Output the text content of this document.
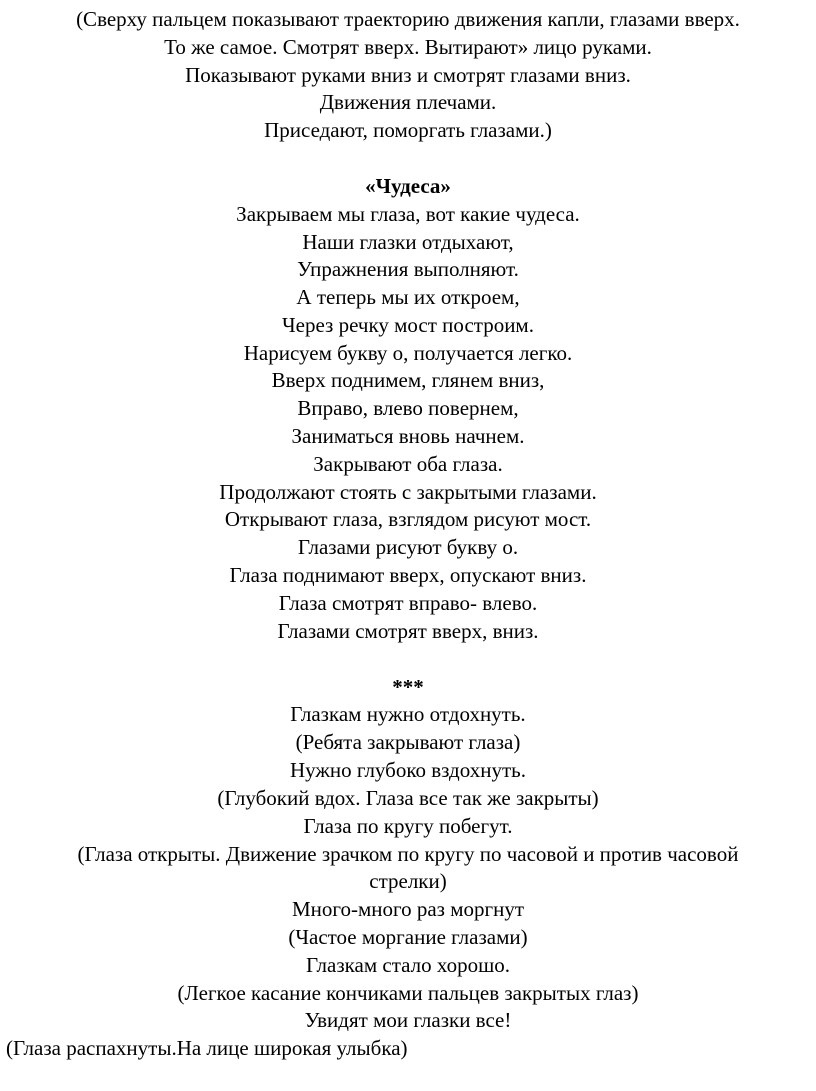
(Сверху пальцем показывают траекторию движения капли, глазами вверх.
То же самое. Смотрят вверх. Вытирают» лицо руками.
Показывают руками вниз и смотрят глазами вниз.
Движения плечами.
Приседают, поморгать глазами.)
«Чудеса»
Закрываем мы глаза, вот какие чудеса.
Наши глазки отдыхают,
Упражнения выполняют.
А теперь мы их откроем,
Через речку мост построим.
Нарисуем букву о, получается легко.
Вверх поднимем, глянем вниз,
Вправо, влево повернем,
Заниматься вновь начнем.
Закрывают оба глаза.
Продолжают стоять с закрытыми глазами.
Открывают глаза, взглядом рисуют мост.
Глазами рисуют букву о.
Глаза поднимают вверх, опускают вниз.
Глаза смотрят вправо- влево.
Глазами смотрят вверх, вниз.
***
Глазкам нужно отдохнуть.
(Ребята закрывают глаза)
Нужно глубоко вздохнуть.
(Глубокий вдох. Глаза все так же закрыты)
Глаза по кругу побегут.
(Глаза открыты. Движение зрачком по кругу по часовой и против часовой
стрелки)
Много-много раз моргнут
(Частое моргание глазами)
Глазкам стало хорошо.
(Легкое касание кончиками пальцев закрытых глаз)
Увидят мои глазки все!
(Глаза распахнуты.На лице широкая улыбка)
